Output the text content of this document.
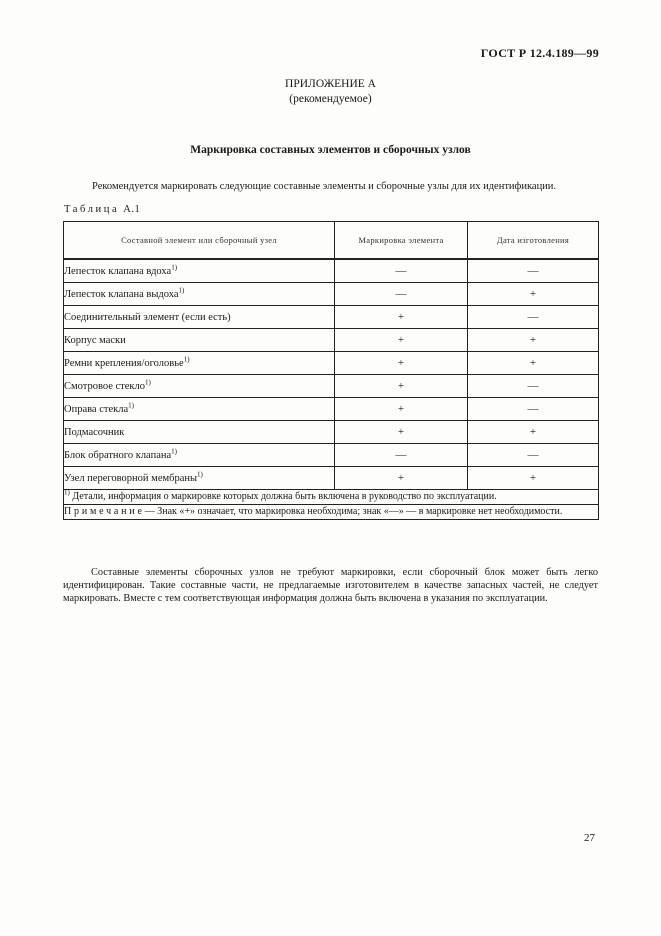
ГОСТ Р 12.4.189—99
ПРИЛОЖЕНИЕ А
(рекомендуемое)
Маркировка составных элементов и сборочных узлов
Рекомендуется маркировать следующие составные элементы и сборочные узлы для их идентификации.
Таблица А.1
Составной элемент или сборочный узел	Маркировка элемента	Дата изготовления
Лепесток клапана вдоха$^{1)}$	—	—
Лепесток клапана выдоха$^{1)}$	—	+
Соединительный элемент (если есть)	+	—
Корпус маски	+	+
Ремни крепления/оголовье$^{1)}$	+	+
Смотровое стекло$^{1)}$	+	—
Оправа стекла$^{1)}$	+	—
Подмасочник	+	+
Блок обратного клапана$^{1)}$	—	—
Узел переговорной мембраны$^{1)}$	+	+
$^{1)}$ Детали, информация о маркировке которых должна быть включена в руководство по эксплуатации.		
Примечание— Знак «+» означает, что маркировка необходима; знак «—» — в маркировке нет необходимости.		
Составные элементы сборочных узлов не требуют маркировки, если сборочный блок может быть легко идентифицирован. Такие составные части, не предлагаемые изготовителем в качестве запасных частей, не следует маркировать. Вместе с тем соответствующая информация должна быть включена в указания по эксплуатации.
27
